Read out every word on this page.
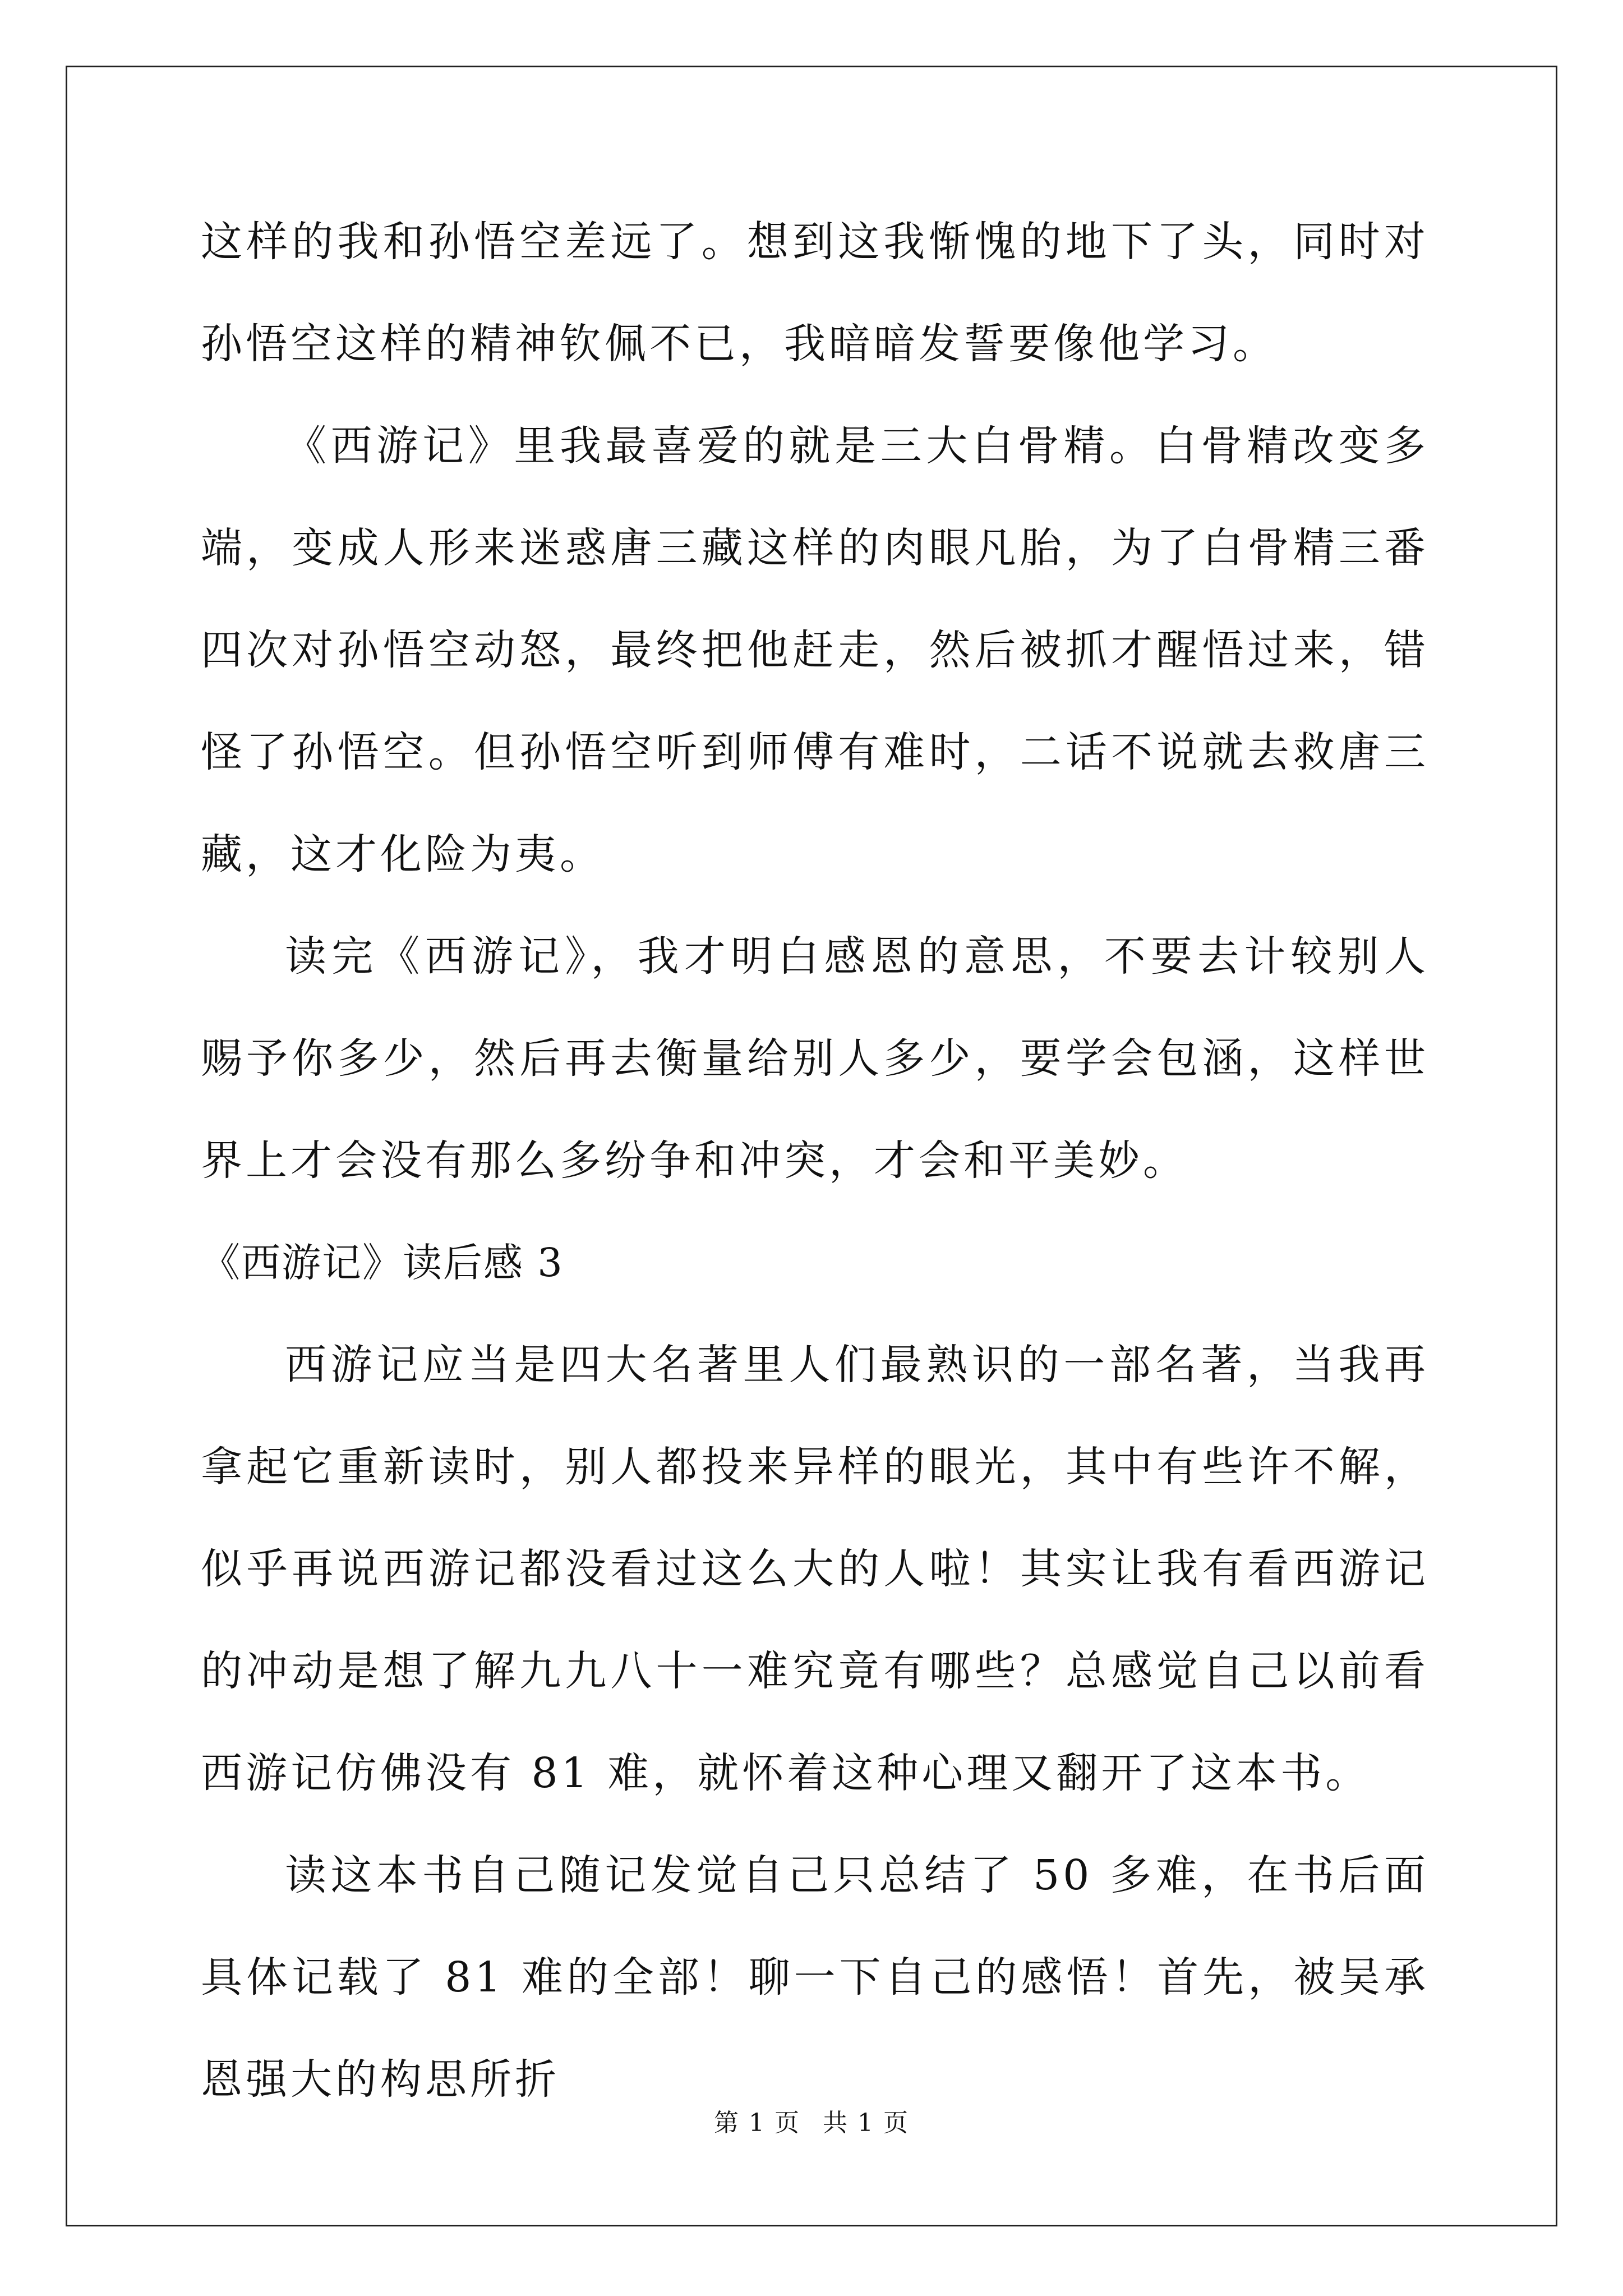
这样的我和孙悟空差远了。想到这我惭愧的地下了头，同时对孙悟空这样的精神钦佩不已，我暗暗发誓要像他学习。

《西游记》里我最喜爱的就是三大白骨精。白骨精改变多端，变成人形来迷惑唐三藏这样的肉眼凡胎，为了白骨精三番四次对孙悟空动怒，最终把他赶走，然后被抓才醒悟过来，错怪了孙悟空。但孙悟空听到师傅有难时，二话不说就去救唐三藏，这才化险为夷。

读完《西游记》，我才明白感恩的意思，不要去计较别人赐予你多少，然后再去衡量给别人多少，要学会包涵，这样世界上才会没有那么多纷争和冲突，才会和平美妙。

《西游记》读后感 3

西游记应当是四大名著里人们最熟识的一部名著，当我再拿起它重新读时，别人都投来异样的眼光，其中有些许不解，似乎再说西游记都没看过这么大的人啦！其实让我有看西游记的冲动是想了解九九八十一难究竟有哪些？总感觉自己以前看西游记仿佛没有 81 难，就怀着这种心理又翻开了这本书。

读这本书自己随记发觉自己只总结了 50 多难，在书后面具体记载了 81 难的全部！聊一下自己的感悟！首先，被吴承恩强大的构思所折

第 1 页 共 1 页
